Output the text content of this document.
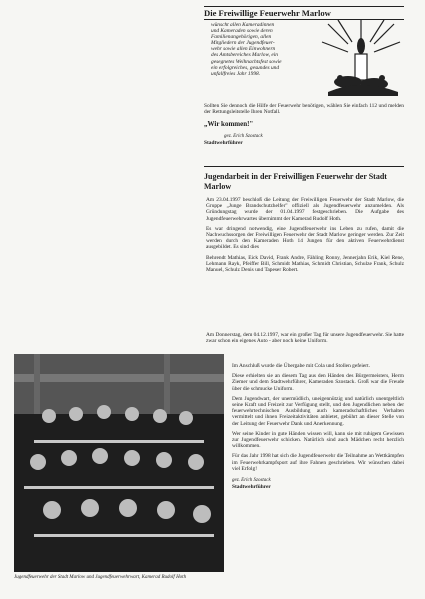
Die Freiwillige Feuerwehr Marlow

wünscht allen Kameradinnen

und Kameraden sowie deren

Familienangehörigen, allen

Mitgliedern der Jugendfeuer-

wehr sowie allen Einwohnern

des Amtsbereiches Marlow, ein

gesegnetes Weihnachtsfest sowie

ein erfolgreiches, gesundes und

unfallfreies Jahr 1998.

Sollten Sie dennoch die Hilfe der Feuerwehr benötigen, wählen Sie einfach 112 und melden der Rettungsleitstelle Ihren Notfall.

„Wir kommen!"

gez. Erich Szostack

Stadtwehrführer

Jugendarbeit in der Freiwilligen Feuerwehr der Stadt Marlow

Am 23.04.1997 beschloß die Leitung der Freiwilligen Feuerwehr der Stadt Marlow, die Gruppe „Junge Brandschutzhelfer" offiziell als Jugendfeuerwehr anzumelden. Als Gründungstag wurde der 01.04.1997 festgeschrieben. Die Aufgabe des Jugendfeuerwehrwartes übernimmt der Kamerad Rudolf Hoth.

Es war dringend notwendig, eine Jugendfeuerwehr ins Leben zu rufen, damit die Nachwuchssorgen der Freiwilligen Feuerwehr der Stadt Marlow geringer werden. Zur Zeit werden durch den Kameraden Hoth 14 Jungen für den aktiven Feuerwehrdienst ausgebildet. Es sind dies

Behrendt Mathias, Eick David, Frank Andre, Fähling Ronny, Jennerjahn Erik, Kiel Rene, Lehmann Rayk, Pfeiffer Bill, Schmidt Mathias, Schmidt Christian, Schulze Frank, Schulz Manuel, Schulz Denis und Tapeser Robert.

Am Donnerstag, dem 04.12.1997, war ein großer Tag für unsere Jugendfeuerwehr. Sie hatte zwar schon ein eigenes Auto - aber noch keine Uniform.

Im Anschluß wurde die Übergabe mit Cola und Stollen gefeiert.

Diese erhielten sie an diesem Tag aus den Händen des Bürgermeisters, Herrn Ziemer und dem Stadtwehrführer, Kameraden Szostack. Groß war die Freude über die schmucke Uniform.

Dem Jugendwart, der unermüdlich, uneigennützig und natürlich unentgeltlich seine Kraft und Freizeit zur Verfügung stellt, und den Jugendlichen neben der feuerwehrtechnischen Ausbildung auch kameradschaftliches Verhalten vermittelt und ihnen Freizeitaktivitäten anbietet, gebührt an dieser Stelle von der Leitung der Feuerwehr Dank und Anerkennung.

Wer seine Kinder in gute Händen wissen will, kann sie mit ruhigem Gewissen zur Jugendfeuerwehr schicken. Natürlich sind auch Mädchen recht herzlich willkommen.

Für das Jahr 1998 hat sich die Jugendfeuerwehr die Teilnahme an Wettkämpfen im Feuerwehrkampfsport auf ihre Fahnen geschrieben. Wir wünschen dabei viel Erfolg!

gez. Erich Szostack

Stadtwehrführer

Jugendfeuerwehr der Stadt Marlow und Jugendfeuerwehrwart, Kamerad Rudolf Hoth
